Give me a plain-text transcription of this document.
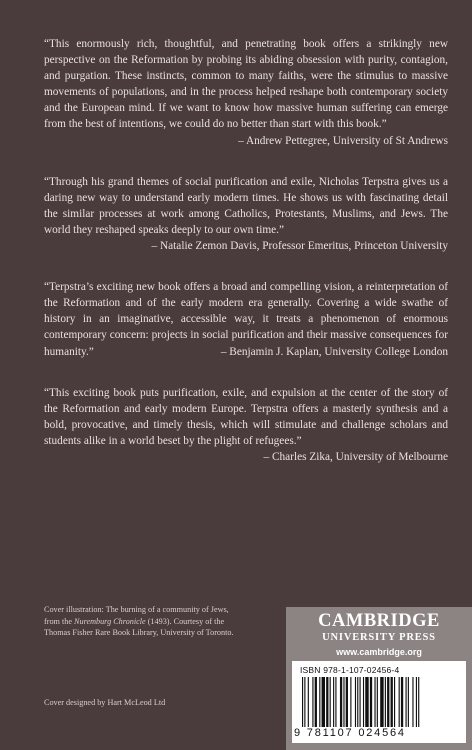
“This enormously rich, thoughtful, and penetrating book offers a strikingly new perspective on the Reformation by probing its abiding obsession with purity, contagion, and purgation. These instincts, common to many faiths, were the stimulus to massive movements of populations, and in the process helped reshape both contemporary society and the European mind. If we want to know how massive human suffering can emerge from the best of intentions, we could do no better than start with this book.”
– Andrew Pettegree, University of St Andrews

“Through his grand themes of social purification and exile, Nicholas Terpstra gives us a daring new way to understand early modern times. He shows us with fascinating detail the similar processes at work among Catholics, Protestants, Muslims, and Jews. The world they reshaped speaks deeply to our own time.”

– Natalie Zemon Davis, Professor Emeritus, Princeton University

“Terpstra’s exciting new book offers a broad and compelling vision, a reinterpretation of the Reformation and of the early modern era generally. Covering a wide swathe of history in an imaginative, accessible way, it treats a phenomenon of enormous contemporary concern: projects in social purification and their massive consequences for humanity.”	– Benjamin J. Kaplan, University College London

“This exciting book puts purification, exile, and expulsion at the center of the story of the Reformation and early modern Europe. Terpstra offers a masterly synthesis and a bold, provocative, and timely thesis, which will stimulate and challenge scholars and students alike in a world beset by the plight of refugees.”

– Charles Zika, University of Melbourne
Cover illustration: The burning of a community of Jews,
from the Nuremburg Chronicle (1493). Courtesy of the
Thomas Fisher Rare Book Library, University of Toronto.
Cover designed by Hart McLeod Ltd
CAMBRIDGE
UNIVERSITY PRESS
www.cambridge.org
ISBN 978-1-107-02456-4
9 781107 024564
